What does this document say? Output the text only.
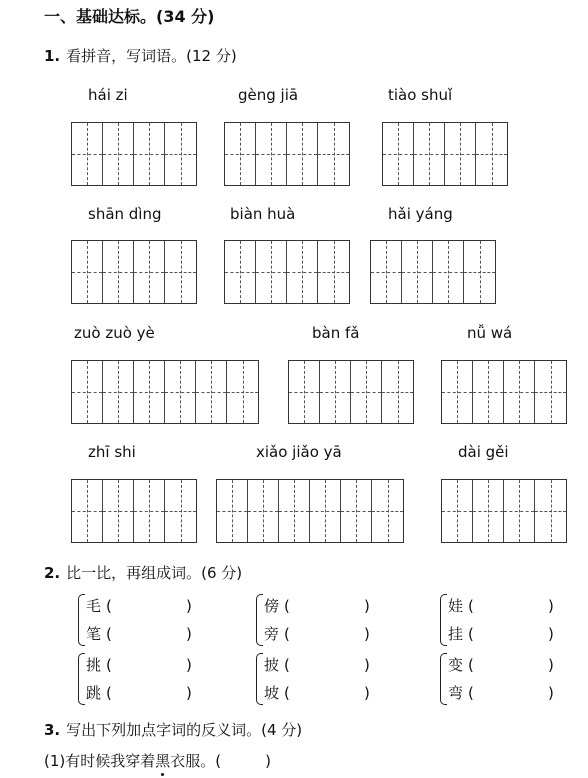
一、基础达标。(34 分)
1. 看拼音，写词语。(12 分)
hái zi	gèng jiā	tiào shuǐ
shān dìng	biàn huà	hǎi yáng
zuò zuò yè	bàn fǎ	nǚ wá
zhī shi	xiǎo jiǎo yā	dài gěi
2. 比一比，再组成词。(6 分)
毛 (	)
笔 (	)
傍 (	)
旁 (	)
娃 (	)
挂 (	)
挑 (	)
跳 (	)
披 (	)
坡 (	)
变 (	)
弯 (	)
3. 写出下列加点字词的反义词。(4 分)
(1)有时候我穿着黑衣服。(	)
